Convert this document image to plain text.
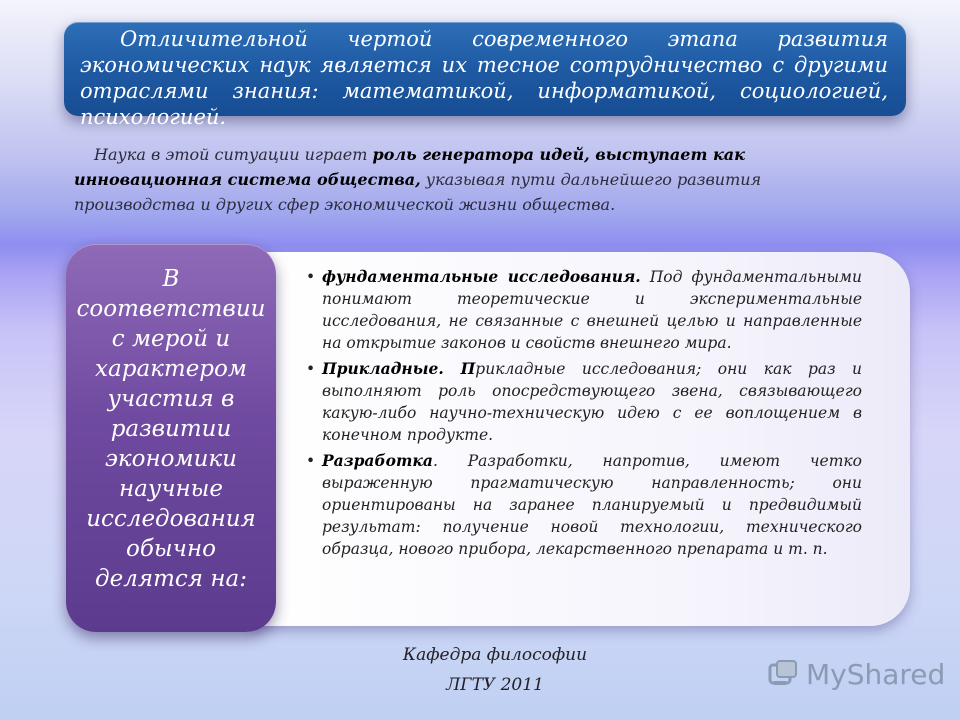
Отличительной чертой современного этапа развития экономических наук является их тесное сотрудничество с другими отраслями знания: математикой, информатикой, социологией, психологией.
Наука в этой ситуации играет роль генератора идей, выступает как инновационная система общества, указывая пути дальнейшего развития производства и других сфер экономической жизни общества.
В соответствии с мерой и характером участия в развитии экономики научные исследования обычно делятся на:
• фундаментальные исследования. Под фундаментальными понимают теоретические и экспериментальные исследования, не связанные с внешней целью и направленные на открытие законов и свойств внешнего мира.
• Прикладные. Прикладные исследования; они как раз и выполняют роль опосредствующего звена, связывающего какую-либо научно-техническую идею с ее воплощением в конечном продукте.
• Разработка. Разработки, напротив, имеют четко выраженную прагматическую направленность; они ориентированы на заранее планируемый и предвидимый результат: получение новой технологии, технического образца, нового прибора, лекарственного препарата и т. п.
Кафедра философии
ЛГТУ 2011	MyShared
